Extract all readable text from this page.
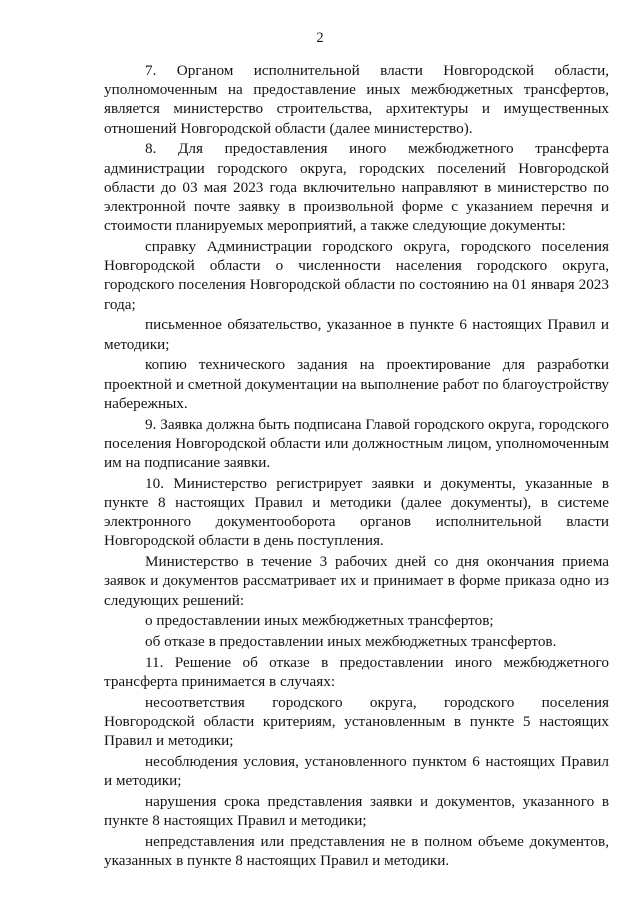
2

7. Органом исполнительной власти Новгородской области, уполномоченным на предоставление иных межбюджетных трансфертов, является министерство строительства, архитектуры и имущественных отношений Новгородской области (далее министерство).

8. Для предоставления иного межбюджетного трансферта администрации городского округа, городских поселений Новгородской области до 03 мая 2023 года включительно направляют в министерство по электронной почте заявку в произвольной форме с указанием перечня и стоимости планируемых мероприятий, а также следующие документы:

справку Администрации городского округа, городского поселения Новгородской области о численности населения городского округа, городского поселения Новгородской области по состоянию на 01 января 2023 года;

письменное обязательство, указанное в пункте 6 настоящих Правил и методики;

копию технического задания на проектирование для разработки проектной и сметной документации на выполнение работ по благоустройству набережных.

9. Заявка должна быть подписана Главой городского округа, городского поселения Новгородской области или должностным лицом, уполномоченным им на подписание заявки.

10. Министерство регистрирует заявки и документы, указанные в пункте 8 настоящих Правил и методики (далее документы), в системе электронного документооборота органов исполнительной власти Новгородской области в день поступления.

Министерство в течение 3 рабочих дней со дня окончания приема заявок и документов рассматривает их и принимает в форме приказа одно из следующих решений:

о предоставлении иных межбюджетных трансфертов;

об отказе в предоставлении иных межбюджетных трансфертов.

11. Решение об отказе в предоставлении иного межбюджетного трансферта принимается в случаях:

несоответствия городского округа, городского поселения Новгородской области критериям, установленным в пункте 5 настоящих Правил и методики;

несоблюдения условия, установленного пунктом 6 настоящих Правил и методики;

нарушения срока представления заявки и документов, указанного в пункте 8 настоящих Правил и методики;

непредставления или представления не в полном объеме документов, указанных в пункте 8 настоящих Правил и методики.
